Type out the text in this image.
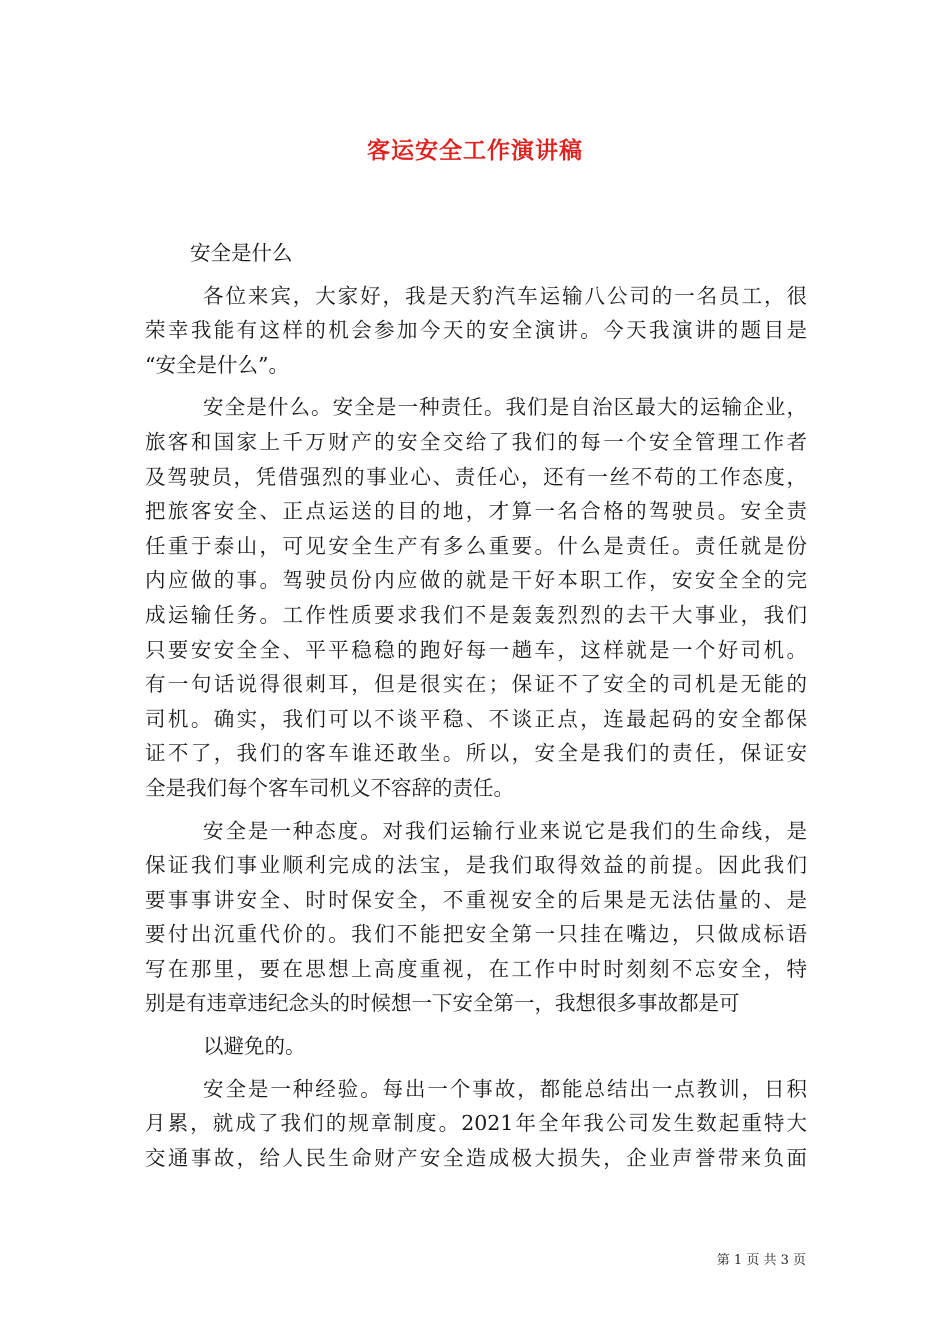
客运安全工作演讲稿
安全是什么
各位来宾，大家好，我是天豹汽车运输八公司的一名员工，很
荣幸我能有这样的机会参加今天的安全演讲。今天我演讲的题目是
“安全是什么”。
安全是什么。安全是一种责任。我们是自治区最大的运输企业，
旅客和国家上千万财产的安全交给了我们的每一个安全管理工作者
及驾驶员，凭借强烈的事业心、责任心，还有一丝不苟的工作态度，
把旅客安全、正点运送的目的地，才算一名合格的驾驶员。安全责
任重于泰山，可见安全生产有多么重要。什么是责任。责任就是份
内应做的事。驾驶员份内应做的就是干好本职工作，安安全全的完
成运输任务。工作性质要求我们不是轰轰烈烈的去干大事业，我们
只要安安全全、平平稳稳的跑好每一趟车，这样就是一个好司机。
有一句话说得很刺耳，但是很实在；保证不了安全的司机是无能的
司机。确实，我们可以不谈平稳、不谈正点，连最起码的安全都保
证不了，我们的客车谁还敢坐。所以，安全是我们的责任，保证安
全是我们每个客车司机义不容辞的责任。
安全是一种态度。对我们运输行业来说它是我们的生命线，是
保证我们事业顺利完成的法宝，是我们取得效益的前提。因此我们
要事事讲安全、时时保安全，不重视安全的后果是无法估量的、是
要付出沉重代价的。我们不能把安全第一只挂在嘴边，只做成标语
写在那里，要在思想上高度重视，在工作中时时刻刻不忘安全，特
别是有违章违纪念头的时候想一下安全第一，我想很多事故都是可
以避免的。
安全是一种经验。每出一个事故，都能总结出一点教训，日积
月累，就成了我们的规章制度。2021年全年我公司发生数起重特大
交通事故，给人民生命财产安全造成极大损失，企业声誉带来负面
第 1 页 共 3 页
